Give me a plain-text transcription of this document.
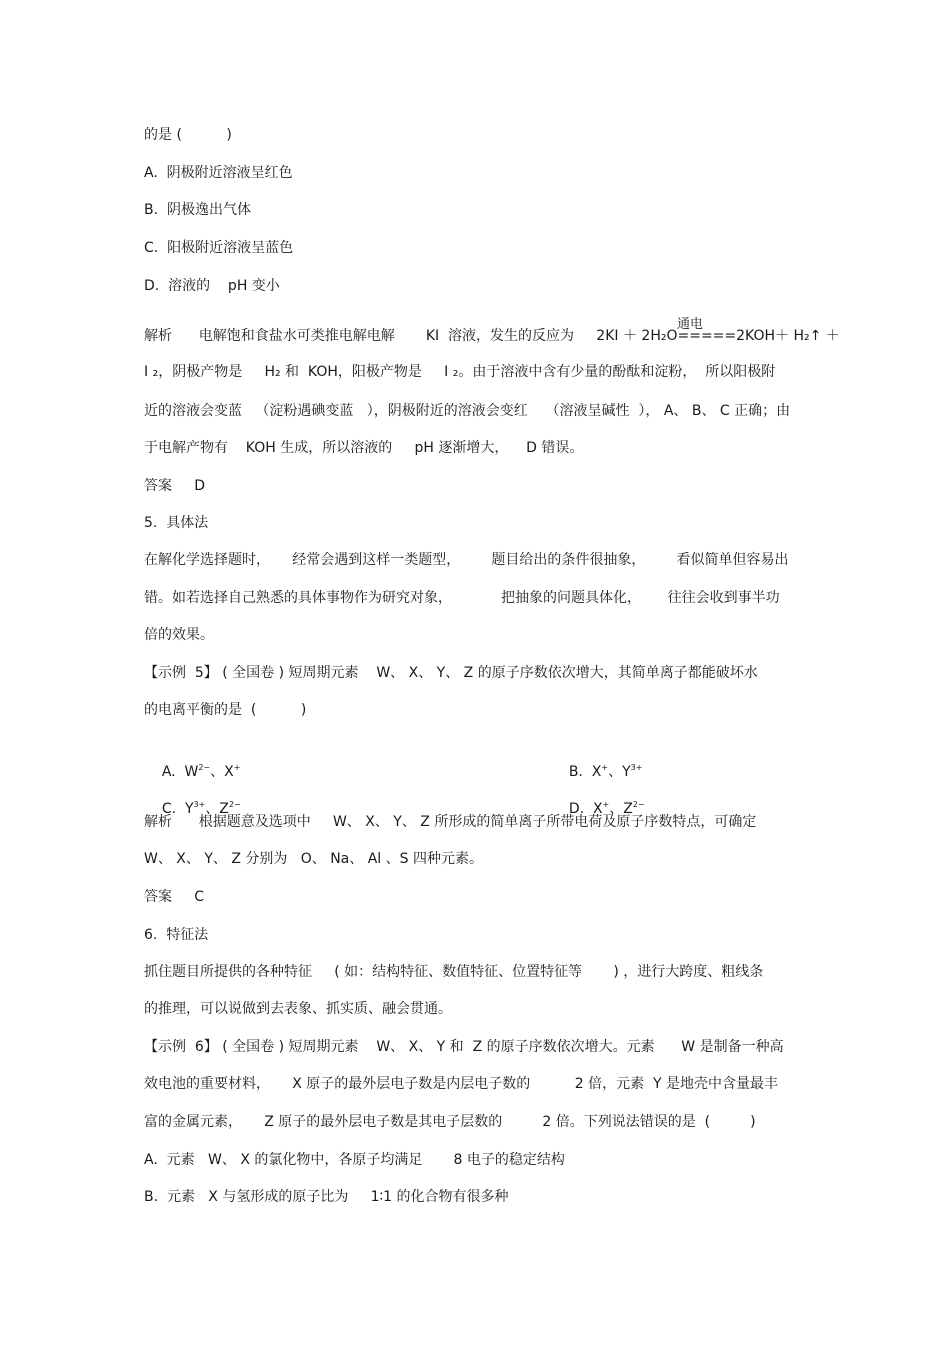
的是 (          )

A.  阴极附近溶液呈红色

B.  阴极逸出气体

C.  阳极附近溶液呈蓝色

D.  溶液的    pH 变小

解析      电解饱和食盐水可类推电解电解       KI  溶液，发生的反应为     2KI ＋ 2H₂O=====2KOH＋ H₂↑ ＋
通电

I ₂，阴极产物是     H₂ 和  KOH，阳极产物是     I ₂。由于溶液中含有少量的酚酞和淀粉，  所以阳极附

近的溶液会变蓝   （淀粉遇碘变蓝   ），阴极附近的溶液会变红    （溶液呈碱性  ）， A、 B、 C 正确；由

于电解产物有    KOH 生成，所以溶液的     pH 逐渐增大，    D 错误。

答案     D

5.  具体法

在解化学选择题时，     经常会遇到这样一类题型，       题目给出的条件很抽象，       看似简单但容易出

错。如若选择自己熟悉的具体事物作为研究对象，           把抽象的问题具体化，      往往会收到事半功

倍的效果。

【示例  5】 ( 全国卷 ) 短周期元素    W、 X、 Y、 Z 的原子序数依次增大，其简单离子都能破坏水

的电离平衡的是  (          )

A.  $W^{2-}$、X+
	B.  X+、$Y^{3+}$

C.  $Y^{3+}$、$Z^{2-}$
	D.  X+、$Z^{2-}$

解析      根据题意及选项中     W、 X、 Y、 Z 所形成的简单离子所带电荷及原子序数特点，可确定

W、 X、 Y、 Z 分别为   O、 Na、 Al 、S 四种元素。

答案     C

6.  特征法

抓住题目所提供的各种特征     ( 如：结构特征、数值特征、位置特征等       ) ，进行大跨度、粗线条

的推理，可以说做到去表象、抓实质、融会贯通。

【示例  6】 ( 全国卷 ) 短周期元素    W、 X、 Y 和  Z 的原子序数依次增大。元素      W 是制备一种高

效电池的重要材料，     X 原子的最外层电子数是内层电子数的          2 倍，元素  Y 是地壳中含量最丰

富的金属元素，     Z 原子的最外层电子数是其电子层数的         2 倍。下列说法错误的是  (         )

A.  元素   W、 X 的氯化物中，各原子均满足       8 电子的稳定结构

B.  元素   X 与氢形成的原子比为     1∶1 的化合物有很多种
